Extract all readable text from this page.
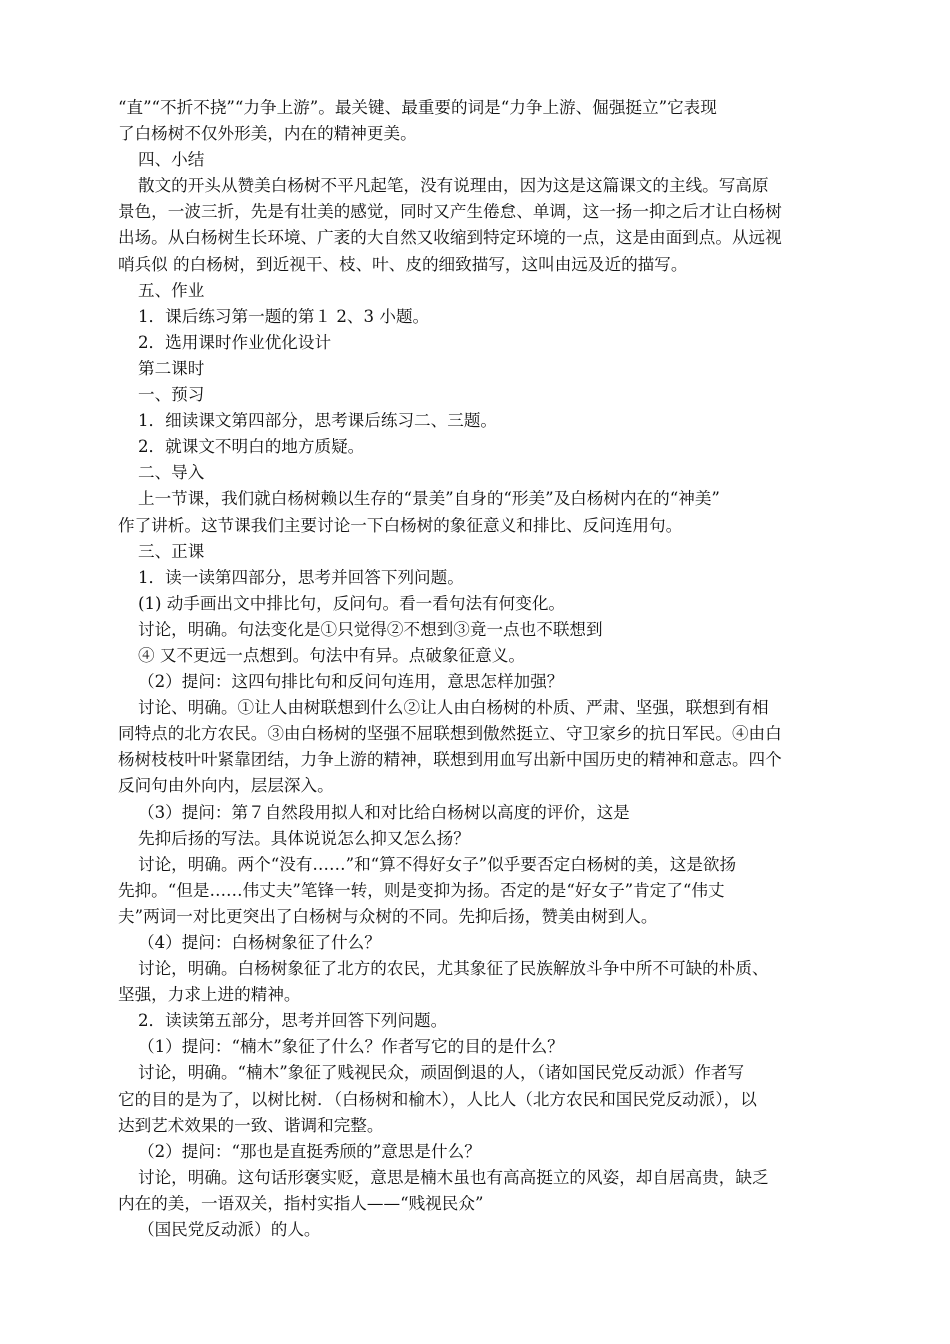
“直”“不折不挠”“力争上游”。最关键、最重要的词是“力争上游、倔强挺立”它表现
了白杨树不仅外形美，内在的精神更美。
四、小结
散文的开头从赞美白杨树不平凡起笔，没有说理由，因为这是这篇课文的主线。写高原
景色，一波三折，先是有壮美的感觉，同时又产生倦怠、单调，这一扬一抑之后才让白杨树
出场。从白杨树生长环境、广袤的大自然又收缩到特定环境的一点，这是由面到点。从远视
哨兵似 的白杨树，到近视干、枝、叶、皮的细致描写，这叫由远及近的描写。
五、作业
1．课后练习第一题的第１ 2、3 小题。
2．选用课时作业优化设计
第二课时
一、预习
1．细读课文第四部分，思考课后练习二、三题。
2．就课文不明白的地方质疑。
二、导入
上一节课，我们就白杨树赖以生存的“景美”自身的“形美”及白杨树内在的“神美”
作了讲析。这节课我们主要讨论一下白杨树的象征意义和排比、反问连用句。
三、正课
1．读一读第四部分，思考并回答下列问题。
(1) 动手画出文中排比句，反问句。看一看句法有何变化。
讨论，明确。句法变化是①只觉得②不想到③竟一点也不联想到
④ 又不更远一点想到。句法中有异。点破象征意义。
（2）提问：这四句排比句和反问句连用，意思怎样加强？
讨论、明确。①让人由树联想到什么②让人由白杨树的朴质、严肃、坚强，联想到有相
同特点的北方农民。③由白杨树的坚强不屈联想到傲然挺立、守卫家乡的抗日军民。④由白
杨树枝枝叶叶紧靠团结，力争上游的精神，联想到用血写出新中国历史的精神和意志。四个
反问句由外向内，层层深入。
（3）提问：第７自然段用拟人和对比给白杨树以高度的评价，这是
先抑后扬的写法。具体说说怎么抑又怎么扬？
讨论，明确。两个“没有……”和“算不得好女子”似乎要否定白杨树的美，这是欲扬
先抑。“但是……伟丈夫”笔锋一转，则是变抑为扬。否定的是“好女子”肯定了“伟丈
夫”两词一对比更突出了白杨树与众树的不同。先抑后扬，赞美由树到人。
（4）提问：白杨树象征了什么？
讨论，明确。白杨树象征了北方的农民，尤其象征了民族解放斗争中所不可缺的朴质、
坚强，力求上进的精神。
2．读读第五部分，思考并回答下列问题。
（1）提问：“楠木”象征了什么？作者写它的目的是什么？
讨论，明确。“楠木”象征了贱视民众，顽固倒退的人，（诸如国民党反动派）作者写
它的目的是为了，以树比树．（白杨树和榆木），人比人（北方农民和国民党反动派），以
达到艺术效果的一致、谐调和完整。
（2）提问：“那也是直挺秀颀的”意思是什么？
讨论，明确。这句话形褒实贬，意思是楠木虽也有高高挺立的风姿，却自居高贵，缺乏
内在的美，一语双关，指村实指人——“贱视民众”
（国民党反动派）的人。
